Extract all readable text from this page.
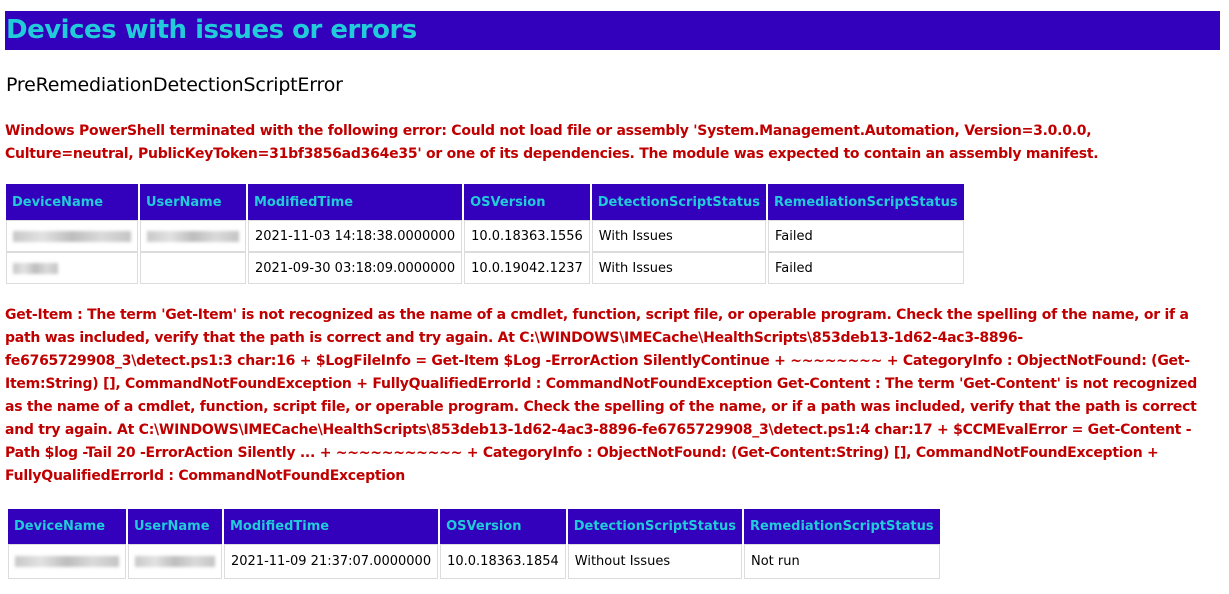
Devices with issues or errors
PreRemediationDetectionScriptError
Windows PowerShell terminated with the following error: Could not load file or assembly 'System.Management.Automation, Version=3.0.0.0, Culture=neutral, PublicKeyToken=31bf3856ad364e35' or one of its dependencies. The module was expected to contain an assembly manifest.
DeviceName	UserName	ModifiedTime	OSVersion	DetectionScriptStatus	RemediationScriptStatus
		2021-11-03 14:18:38.0000000	10.0.18363.1556	With Issues	Failed
		2021-09-30 03:18:09.0000000	10.0.19042.1237	With Issues	Failed
Get-Item : The term 'Get-Item' is not recognized as the name of a cmdlet, function, script file, or operable program. Check the spelling of the name, or if a path was included, verify that the path is correct and try again. At C:\WINDOWS\IMECache\HealthScripts\853deb13-1d62-4ac3-8896-fe6765729908_3\detect.ps1:3 char:16 + $LogFileInfo = Get-Item $Log -ErrorAction SilentlyContinue + ~~~~~~~~ + CategoryInfo : ObjectNotFound: (Get-Item:String) [], CommandNotFoundException + FullyQualifiedErrorId : CommandNotFoundException Get-Content : The term 'Get-Content' is not recognized as the name of a cmdlet, function, script file, or operable program. Check the spelling of the name, or if a path was included, verify that the path is correct and try again. At C:\WINDOWS\IMECache\HealthScripts\853deb13-1d62-4ac3-8896-fe6765729908_3\detect.ps1:4 char:17 + $CCMEvalError = Get-Content -Path $log -Tail 20 -ErrorAction Silently ... + ~~~~~~~~~~~ + CategoryInfo : ObjectNotFound: (Get-Content:String) [], CommandNotFoundException + FullyQualifiedErrorId : CommandNotFoundException
DeviceName	UserName	ModifiedTime	OSVersion	DetectionScriptStatus	RemediationScriptStatus
		2021-11-09 21:37:07.0000000	10.0.18363.1854	Without Issues	Not run
